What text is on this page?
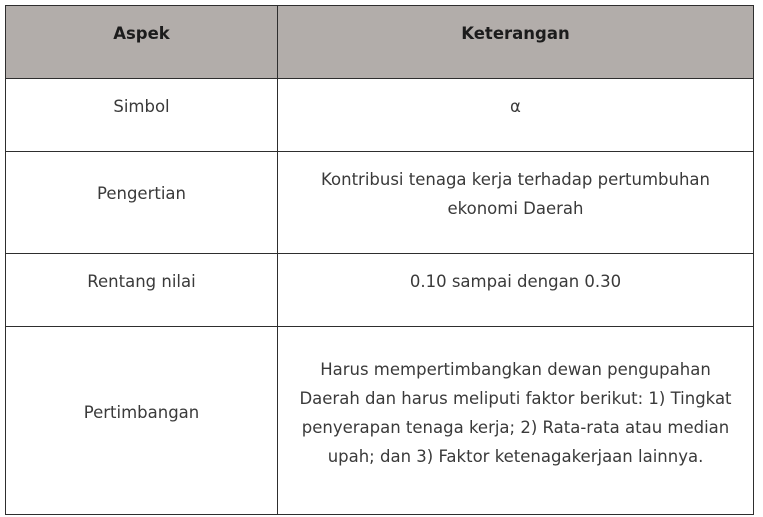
Aspek	Keterangan
Simbol	α
Pengertian	Kontribusi tenaga kerja terhadap pertumbuhan ekonomi Daerah
Rentang nilai	0.10 sampai dengan 0.30
Pertimbangan	Harus mempertimbangkan dewan pengupahan Daerah dan harus meliputi faktor berikut: 1) Tingkat penyerapan tenaga kerja; 2) Rata-rata atau median upah; dan 3) Faktor ketenagakerjaan lainnya.
